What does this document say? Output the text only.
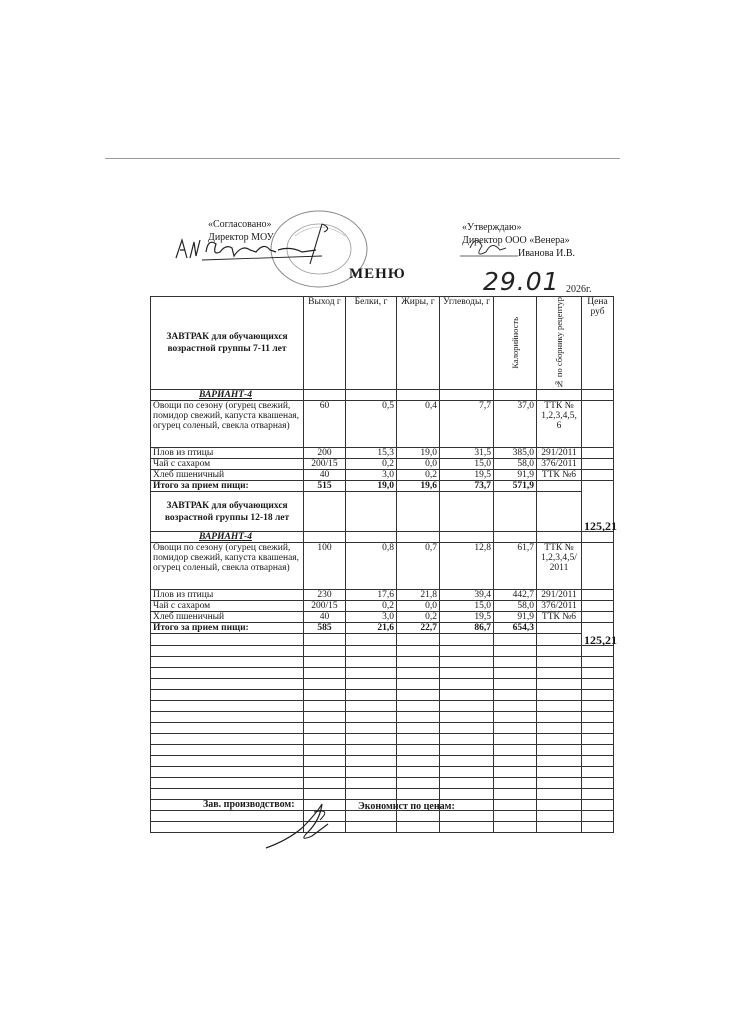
«Согласовано»
Директор МОУ
«Утверждаю»
Директор ООО «Венера»
Иванова И.В.
МЕНЮ	29.01 2026г.
ЗАВТРАК для обучающихся возрастной группы 7-11 лет	Выход г	Белки, г	Жиры, г	Углеводы, г	Калорийность	№ по сборнику рецептур	Цена руб
ВАРИАНТ-4							
Овощи по сезону (огурец свежий, помидор свежий, капуста квашеная, огурец соленый, свекла отварная)	60	0,5	0,4	7,7	37,0	ТТК № 1,2,3,4,5, 6	
Плов из птицы	200	15,3	19,0	31,5	385,0	291/2011	
Чай с сахаром	200/15	0,2	0,0	15,0	58,0	376/2011	
Хлеб пшеничный	40	3,0	0,2	19,5	91,9	ТТК №6	
Итого за прием пищи:	515	19,0	19,6	73,7	571,9		125,21
ЗАВТРАК для обучающихся возрастной группы 12-18 лет							
ВАРИАНТ-4							
Овощи по сезону (огурец свежий, помидор свежий, капуста квашеная, огурец соленый, свекла отварная)	100	0,8	0,7	12,8	61,7	ТТК № 1,2,3,4,5/ 2011	
Плов из птицы	230	17,6	21,8	39,4	442,7	291/2011	
Чай с сахаром	200/15	0,2	0,0	15,0	58,0	376/2011	
Хлеб пшеничный	40	3,0	0,2	19,5	91,9	ТТК №6	
Итого за прием пищи:	585	21,6	22,7	86,7	654,3		125,21

Зав. производством:	Экономист по ценам:
